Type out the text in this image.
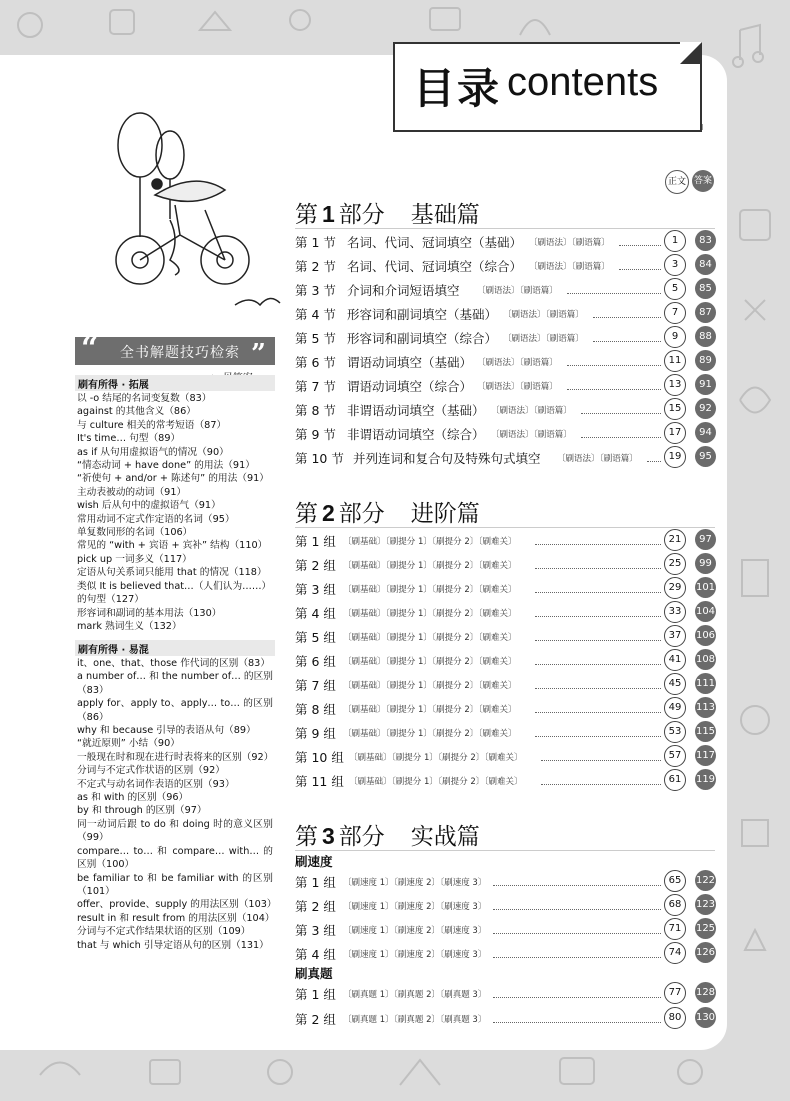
目录 contents
正文 答案
“ 全书解题技巧检索 ”
刷有所得 · 拓展
以 -o 结尾的名词变复数（83）
against 的其他含义（86）
与 culture 相关的常考短语（87）
It's time… 句型（89）
as if 从句用虚拟语气的情况（90）
“情态动词 + have done” 的用法（91）
“祈使句 + and/or + 陈述句” 的用法（91）
主动表被动的动词（91）
wish 后从句中的虚拟语气（91）
常用动词不定式作定语的名词（95）
单复数同形的名词（106）
常见的 “with + 宾语 + 宾补” 结构（110）
pick up 一词多义（117）
定语从句关系词只能用 that 的情况（118）
类似 It is believed that…（人们认为……）
的句型（127）
形容词和副词的基本用法（130）
mark 熟词生义（132）
刷有所得 · 易混
it、one、that、those 作代词的区别（83）
a number of… 和 the number of… 的区别（83）
apply for、apply to、apply… to… 的区别（86）
why 和 because 引导的表语从句（89）
“就近原则” 小结（90）
一般现在时和现在进行时表将来的区别（92）
分词与不定式作状语的区别（92）
不定式与动名词作表语的区别（93）
as 和 with 的区别（96）
by 和 through 的区别（97）
同一动词后跟 to do 和 doing 时的意义区别（99）
compare… to… 和 compare… with… 的区别（100）
be familiar to 和 be familiar with 的区别（101）
offer、provide、supply 的用法区别（103）
result in 和 result from 的用法区别（104）
分词与不定式作结果状语的区别（109）
that 与 which 引导定语从句的区别（131）
第 1 部分 基础篇
第 1 节 名词、代词、冠词填空（基础） 〔刷语法〕〔刷语篇〕	1	83
第 2 节 名词、代词、冠词填空（综合） 〔刷语法〕〔刷语篇〕	3	84
第 3 节 介词和介词短语填空 〔刷语法〕〔刷语篇〕	5	85
第 4 节 形容词和副词填空（基础） 〔刷语法〕〔刷语篇〕	7	87
第 5 节 形容词和副词填空（综合） 〔刷语法〕〔刷语篇〕	9	88
第 6 节 谓语动词填空（基础） 〔刷语法〕〔刷语篇〕	11	89
第 7 节 谓语动词填空（综合） 〔刷语法〕〔刷语篇〕	13	91
第 8 节 非谓语动词填空（基础） 〔刷语法〕〔刷语篇〕	15	92
第 9 节 非谓语动词填空（综合） 〔刷语法〕〔刷语篇〕	17	94
第 10 节 并列连词和复合句及特殊句式填空 〔刷语法〕〔刷语篇〕	19	95
第 2 部分 进阶篇
第 1 组 〔刷基础〕〔刷提分 1〕〔刷提分 2〕〔刷难关〕	21	97
第 2 组 〔刷基础〕〔刷提分 1〕〔刷提分 2〕〔刷难关〕	25	99
第 3 组 〔刷基础〕〔刷提分 1〕〔刷提分 2〕〔刷难关〕	29	101
第 4 组 〔刷基础〕〔刷提分 1〕〔刷提分 2〕〔刷难关〕	33	104
第 5 组 〔刷基础〕〔刷提分 1〕〔刷提分 2〕〔刷难关〕	37	106
第 6 组 〔刷基础〕〔刷提分 1〕〔刷提分 2〕〔刷难关〕	41	108
第 7 组 〔刷基础〕〔刷提分 1〕〔刷提分 2〕〔刷难关〕	45	111
第 8 组 〔刷基础〕〔刷提分 1〕〔刷提分 2〕〔刷难关〕	49	113
第 9 组 〔刷基础〕〔刷提分 1〕〔刷提分 2〕〔刷难关〕	53	115
第 10 组 〔刷基础〕〔刷提分 1〕〔刷提分 2〕〔刷难关〕	57	117
第 11 组 〔刷基础〕〔刷提分 1〕〔刷提分 2〕〔刷难关〕	61	119
第 3 部分 实战篇
刷速度
第 1 组 〔刷速度 1〕〔刷速度 2〕〔刷速度 3〕	65	122
第 2 组 〔刷速度 1〕〔刷速度 2〕〔刷速度 3〕	68	123
第 3 组 〔刷速度 1〕〔刷速度 2〕〔刷速度 3〕	71	125
第 4 组 〔刷速度 1〕〔刷速度 2〕〔刷速度 3〕	74	126
刷真题
第 1 组 〔刷真题 1〕〔刷真题 2〕〔刷真题 3〕	77	128
第 2 组 〔刷真题 1〕〔刷真题 2〕〔刷真题 3〕	80	130
